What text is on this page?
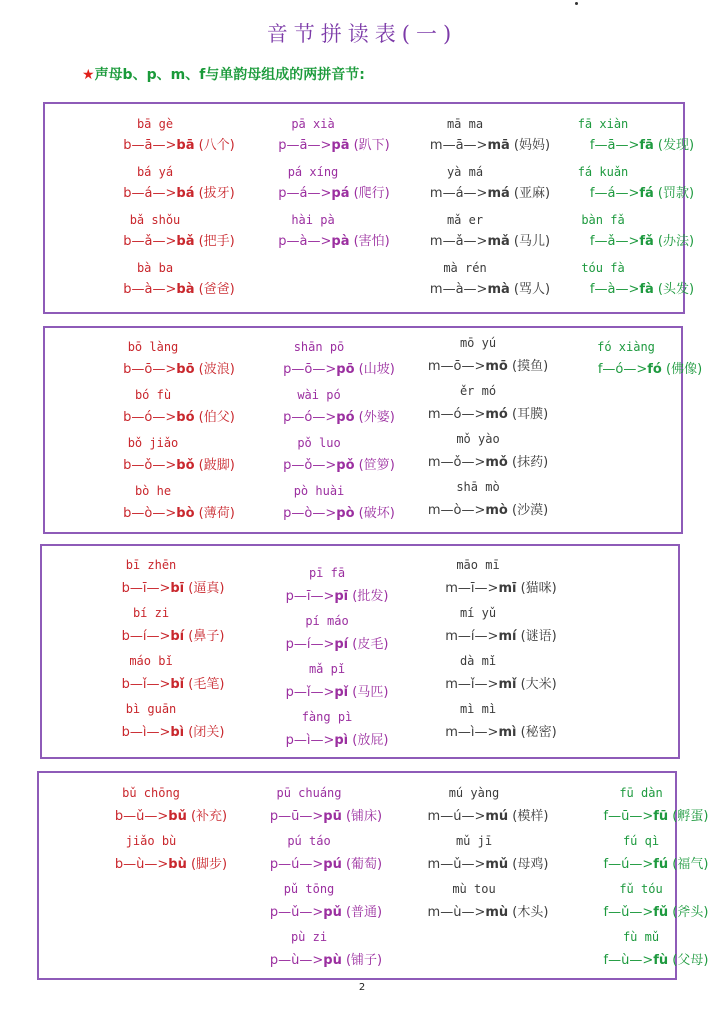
音节拼读表(一)
★声母b、p、m、f与单韵母组成的两拼音节:
bā gè
b—ā—>bā (八个)
bá yá
b—á—>bá (拔牙)
bǎ shǒu
b—ǎ—>bǎ (把手)
bà ba
b—à—>bà (爸爸)
pā xià
p—ā—>pā (趴下)
pá xíng
p—á—>pá (爬行)
hài pà
p—à—>pà (害怕)
mā ma
m—ā—>mā (妈妈)
yà má
m—á—>má (亚麻)
mǎ er
m—ǎ—>mǎ (马儿)
mà rén
m—à—>mà (骂人)
fā xiàn
f—ā—>fā (发现)
fá kuǎn
f—á—>fá (罚款)
bàn fǎ
f—ǎ—>fǎ (办法)
tóu fà
f—à—>fà (头发)
bō làng
b—ō—>bō (波浪)
bó fù
b—ó—>bó (伯父)
bǒ jiǎo
b—ǒ—>bǒ (跛脚)
bò he
b—ò—>bò (薄荷)
shān pō
p—ō—>pō (山坡)
wài pó
p—ó—>pó (外婆)
pǒ luo
p—ǒ—>pǒ (笸箩)
pò huài
p—ò—>pò (破坏)
mō yú
m—ō—>mō (摸鱼)
ěr mó
m—ó—>mó (耳膜)
mǒ yào
m—ǒ—>mǒ (抹药)
shā mò
m—ò—>mò (沙漠)
fó xiàng
f—ó—>fó (佛像)
bī zhēn
b—ī—>bī (逼真)
bí zi
b—í—>bí (鼻子)
máo bǐ
b—ǐ—>bǐ (毛笔)
bì guān
b—ì—>bì (闭关)
pī fā
p—ī—>pī (批发)
pí máo
p—í—>pí (皮毛)
mǎ pǐ
p—ǐ—>pǐ (马匹)
fàng pì
p—ì—>pì (放屁)
māo mī
m—ī—>mī (猫咪)
mí yǔ
m—í—>mí (谜语)
dà mǐ
m—ǐ—>mǐ (大米)
mì mì
m—ì—>mì (秘密)
bǔ chōng
b—ǔ—>bǔ (补充)
jiǎo bù
b—ù—>bù (脚步)
pū chuáng
p—ū—>pū (铺床)
pú táo
p—ú—>pú (葡萄)
pǔ tōng
p—ǔ—>pǔ (普通)
pù zi
p—ù—>pù (铺子)
mú yàng
m—ú—>mú (模样)
mǔ jī
m—ǔ—>mǔ (母鸡)
mù tou
m—ù—>mù (木头)
fū dàn
f—ū—>fū (孵蛋)
fú qì
f—ú—>fú (福气)
fǔ tóu
f—ǔ—>fǔ (斧头)
fù mǔ
f—ù—>fù (父母)
2
